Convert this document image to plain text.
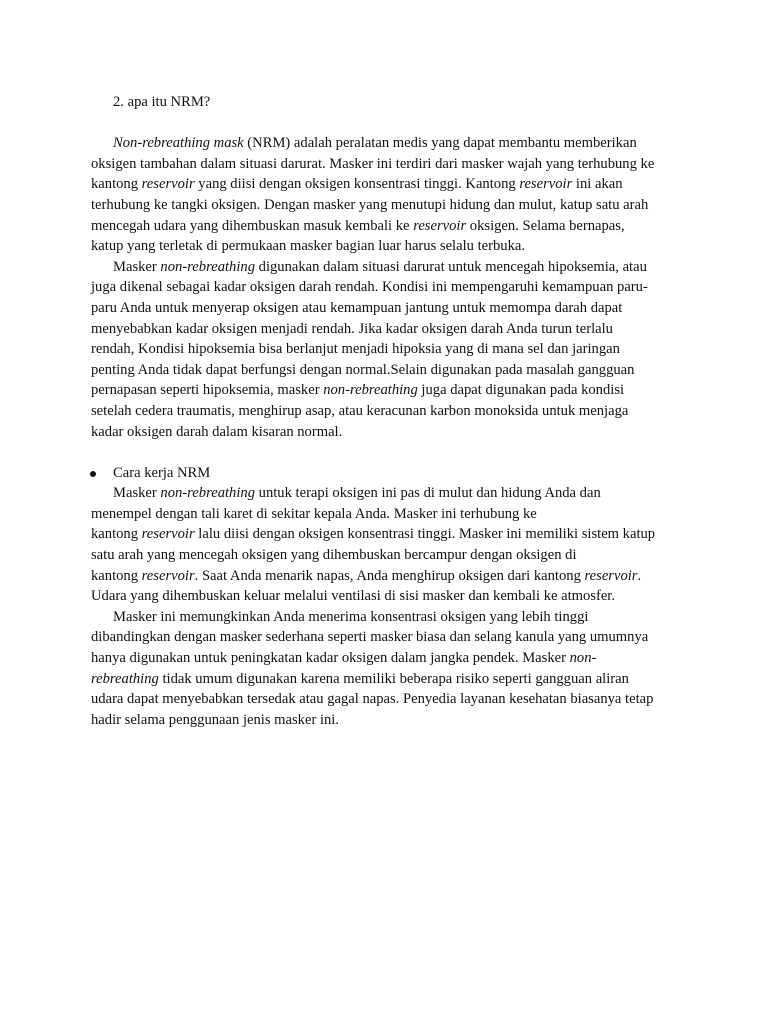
2. apa itu NRM?
Non-rebreathing mask (NRM) adalah peralatan medis yang dapat membantu memberikan
oksigen tambahan dalam situasi darurat. Masker ini terdiri dari masker wajah yang terhubung ke
kantong reservoir yang diisi dengan oksigen konsentrasi tinggi. Kantong reservoir ini akan
terhubung ke tangki oksigen. Dengan masker yang menutupi hidung dan mulut, katup satu arah
mencegah udara yang dihembuskan masuk kembali ke reservoir oksigen. Selama bernapas,
katup yang terletak di permukaan masker bagian luar harus selalu terbuka.
Masker non-rebreathing digunakan dalam situasi darurat untuk mencegah hipoksemia, atau
juga dikenal sebagai kadar oksigen darah rendah. Kondisi ini mempengaruhi kemampuan paru-
paru Anda untuk menyerap oksigen atau kemampuan jantung untuk memompa darah dapat
menyebabkan kadar oksigen menjadi rendah. Jika kadar oksigen darah Anda turun terlalu
rendah, Kondisi hipoksemia bisa berlanjut menjadi hipoksia yang di mana sel dan jaringan
penting Anda tidak dapat berfungsi dengan normal.Selain digunakan pada masalah gangguan
pernapasan seperti hipoksemia, masker non-rebreathing juga dapat digunakan pada kondisi
setelah cedera traumatis, menghirup asap, atau keracunan karbon monoksida untuk menjaga
kadar oksigen darah dalam kisaran normal.
Cara kerja NRM
Masker non-rebreathing untuk terapi oksigen ini pas di mulut dan hidung Anda dan
menempel dengan tali karet di sekitar kepala Anda. Masker ini terhubung ke
kantong reservoir lalu diisi dengan oksigen konsentrasi tinggi. Masker ini memiliki sistem katup
satu arah yang mencegah oksigen yang dihembuskan bercampur dengan oksigen di
kantong reservoir. Saat Anda menarik napas, Anda menghirup oksigen dari kantong reservoir.
Udara yang dihembuskan keluar melalui ventilasi di sisi masker dan kembali ke atmosfer.
Masker ini memungkinkan Anda menerima konsentrasi oksigen yang lebih tinggi
dibandingkan dengan masker sederhana seperti masker biasa dan selang kanula yang umumnya
hanya digunakan untuk peningkatan kadar oksigen dalam jangka pendek. Masker non-
rebreathing tidak umum digunakan karena memiliki beberapa risiko seperti gangguan aliran
udara dapat menyebabkan tersedak atau gagal napas. Penyedia layanan kesehatan biasanya tetap
hadir selama penggunaan jenis masker ini.
